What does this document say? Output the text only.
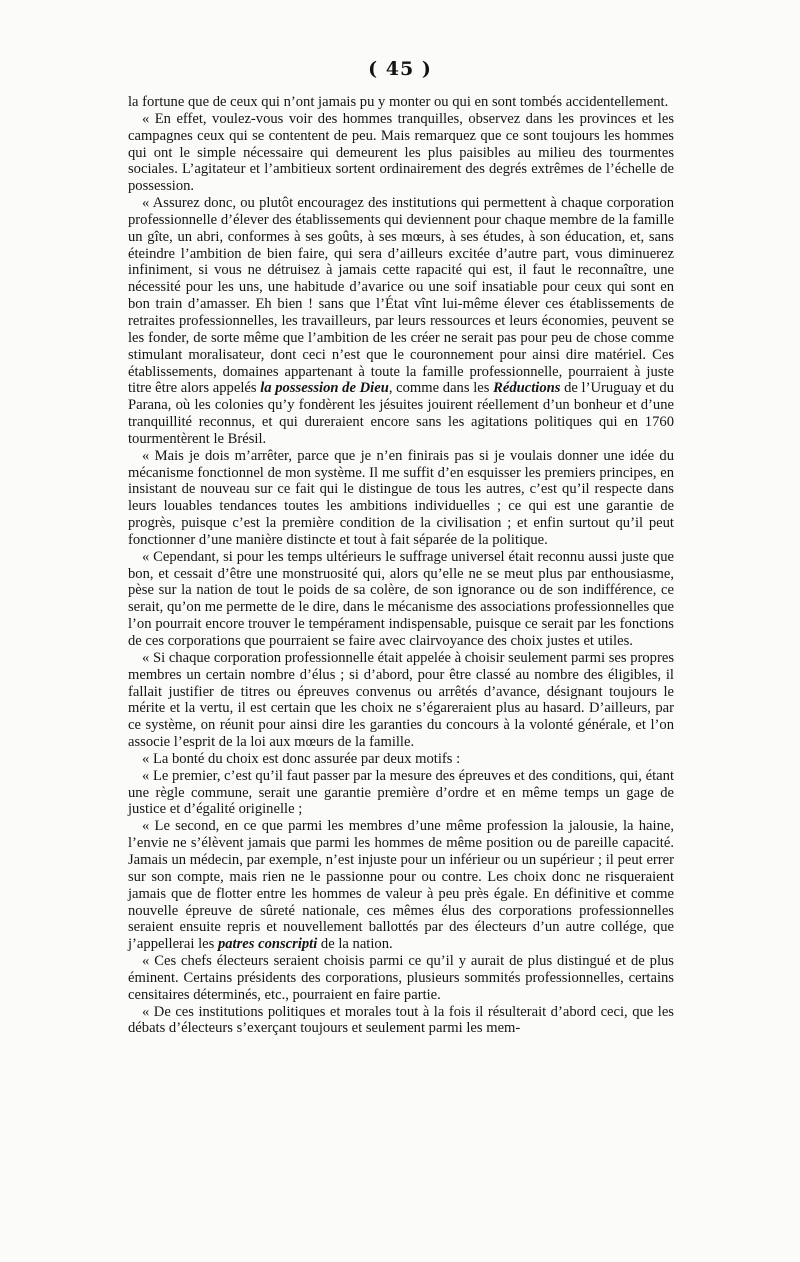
( 45 )

la fortune que de ceux qui n’ont jamais pu y monter ou qui en sont tombés accidentellement.

« En effet, voulez-vous voir des hommes tranquilles, observez dans les provinces et les campagnes ceux qui se contentent de peu. Mais remarquez que ce sont toujours les hommes qui ont le simple nécessaire qui demeurent les plus paisibles au milieu des tourmentes sociales. L’agitateur et l’ambitieux sortent ordinairement des degrés extrêmes de l’échelle de possession.

« Assurez donc, ou plutôt encouragez des institutions qui permettent à chaque corporation professionnelle d’élever des établissements qui deviennent pour chaque membre de la famille un gîte, un abri, conformes à ses goûts, à ses mœurs, à ses études, à son éducation, et, sans éteindre l’ambition de bien faire, qui sera d’ailleurs excitée d’autre part, vous diminuerez infiniment, si vous ne détruisez à jamais cette rapacité qui est, il faut le reconnaître, une nécessité pour les uns, une habitude d’avarice ou une soif insatiable pour ceux qui sont en bon train d’amasser. Eh bien ! sans que l’État vînt lui-même élever ces établissements de retraites professionnelles, les travailleurs, par leurs ressources et leurs économies, peuvent se les fonder, de sorte même que l’ambition de les créer ne serait pas pour peu de chose comme stimulant moralisateur, dont ceci n’est que le couronnement pour ainsi dire matériel. Ces établissements, domaines appartenant à toute la famille professionnelle, pourraient à juste titre être alors appelés la possession de Dieu, comme dans les Réductions de l’Uruguay et du Parana, où les colonies qu’y fondèrent les jésuites jouirent réellement d’un bonheur et d’une tranquillité reconnus, et qui dureraient encore sans les agitations politiques qui en 1760 tourmentèrent le Brésil.

« Mais je dois m’arrêter, parce que je n’en finirais pas si je voulais donner une idée du mécanisme fonctionnel de mon système. Il me suffit d’en esquisser les premiers principes, en insistant de nouveau sur ce fait qui le distingue de tous les autres, c’est qu’il respecte dans leurs louables tendances toutes les ambitions individuelles ; ce qui est une garantie de progrès, puisque c’est la première condition de la civilisation ; et enfin surtout qu’il peut fonctionner d’une manière distincte et tout à fait séparée de la politique.

« Cependant, si pour les temps ultérieurs le suffrage universel était reconnu aussi juste que bon, et cessait d’être une monstruosité qui, alors qu’elle ne se meut plus par enthousiasme, pèse sur la nation de tout le poids de sa colère, de son ignorance ou de son indifférence, ce serait, qu’on me permette de le dire, dans le mécanisme des associations professionnelles que l’on pourrait encore trouver le tempérament indispensable, puisque ce serait par les fonctions de ces corporations que pourraient se faire avec clairvoyance des choix justes et utiles.

« Si chaque corporation professionnelle était appelée à choisir seulement parmi ses propres membres un certain nombre d’élus ; si d’abord, pour être classé au nombre des éligibles, il fallait justifier de titres ou épreuves convenus ou arrêtés d’avance, désignant toujours le mérite et la vertu, il est certain que les choix ne s’égareraient plus au hasard. D’ailleurs, par ce système, on réunit pour ainsi dire les garanties du concours à la volonté générale, et l’on associe l’esprit de la loi aux mœurs de la famille.

« La bonté du choix est donc assurée par deux motifs :

« Le premier, c’est qu’il faut passer par la mesure des épreuves et des conditions, qui, étant une règle commune, serait une garantie première d’ordre et en même temps un gage de justice et d’égalité originelle ;

« Le second, en ce que parmi les membres d’une même profession la jalousie, la haine, l’envie ne s’élèvent jamais que parmi les hommes de même position ou de pareille capacité. Jamais un médecin, par exemple, n’est injuste pour un inférieur ou un supérieur ; il peut errer sur son compte, mais rien ne le passionne pour ou contre. Les choix donc ne risqueraient jamais que de flotter entre les hommes de valeur à peu près égale. En définitive et comme nouvelle épreuve de sûreté nationale, ces mêmes élus des corporations professionnelles seraient ensuite repris et nouvellement ballottés par des électeurs d’un autre collége, que j’appellerai les patres conscripti de la nation.

« Ces chefs électeurs seraient choisis parmi ce qu’il y aurait de plus distingué et de plus éminent. Certains présidents des corporations, plusieurs sommités professionnelles, certains censitaires déterminés, etc., pourraient en faire partie.

« De ces institutions politiques et morales tout à la fois il résulterait d’abord ceci, que les débats d’électeurs s’exerçant toujours et seulement parmi les mem-
